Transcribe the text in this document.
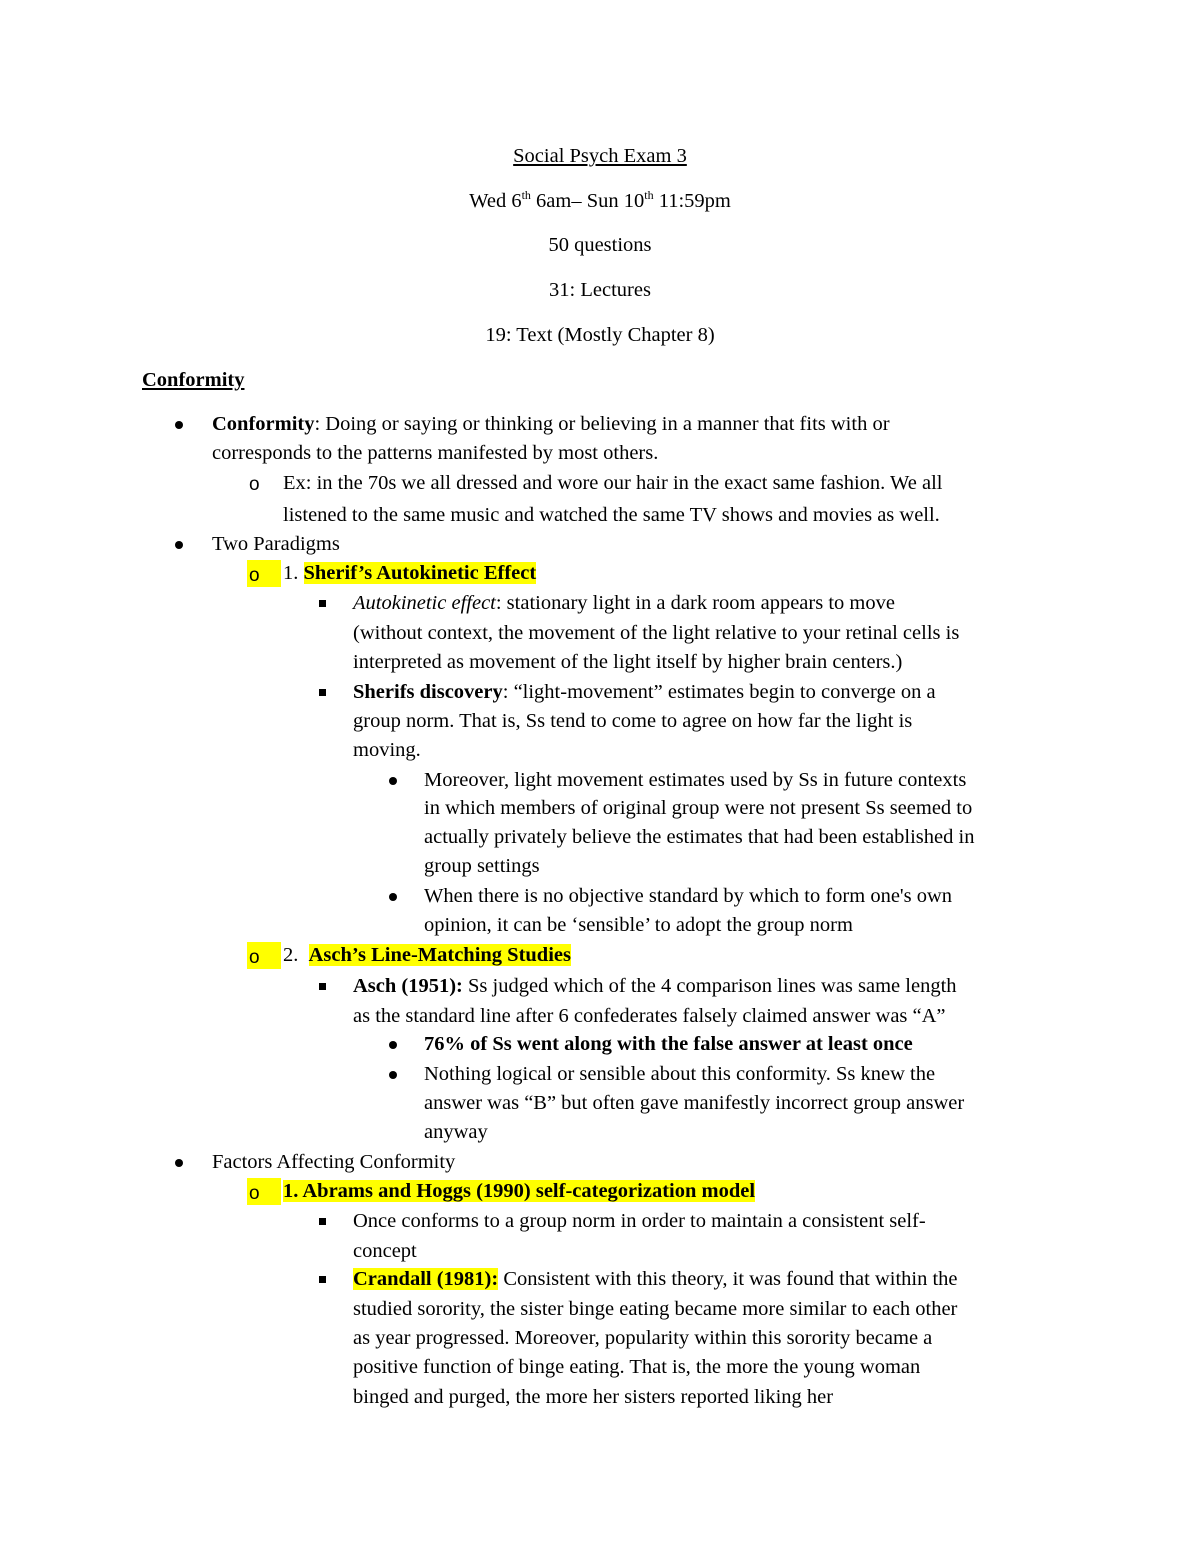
Social Psych Exam 3
Wed 6th 6am– Sun 10th 11:59pm
50 questions
31: Lectures
19: Text (Mostly Chapter 8)
Conformity
Conformity: Doing or saying or thinking or believing in a manner that fits with or
corresponds to the patterns manifested by most others.
o Ex: in the 70s we all dressed and wore our hair in the exact same fashion. We all
listened to the same music and watched the same TV shows and movies as well.
Two Paradigms
o 1. Sherif’s Autokinetic Effect
Autokinetic effect: stationary light in a dark room appears to move
(without context, the movement of the light relative to your retinal cells is
interpreted as movement of the light itself by higher brain centers.)
Sherifs discovery: “light-movement” estimates begin to converge on a
group norm. That is, Ss tend to come to agree on how far the light is
moving.
Moreover, light movement estimates used by Ss in future contexts
in which members of original group were not present Ss seemed to
actually privately believe the estimates that had been established in
group settings
When there is no objective standard by which to form one's own
opinion, it can be ‘sensible’ to adopt the group norm
o 2. Asch’s Line-Matching Studies
Asch (1951): Ss judged which of the 4 comparison lines was same length
as the standard line after 6 confederates falsely claimed answer was “A”
76% of Ss went along with the false answer at least once
Nothing logical or sensible about this conformity. Ss knew the
answer was “B” but often gave manifestly incorrect group answer
anyway
Factors Affecting Conformity
o 1. Abrams and Hoggs (1990) self-categorization model
Once conforms to a group norm in order to maintain a consistent self-
concept
Crandall (1981): Consistent with this theory, it was found that within the
studied sorority, the sister binge eating became more similar to each other
as year progressed. Moreover, popularity within this sorority became a
positive function of binge eating. That is, the more the young woman
binged and purged, the more her sisters reported liking her
